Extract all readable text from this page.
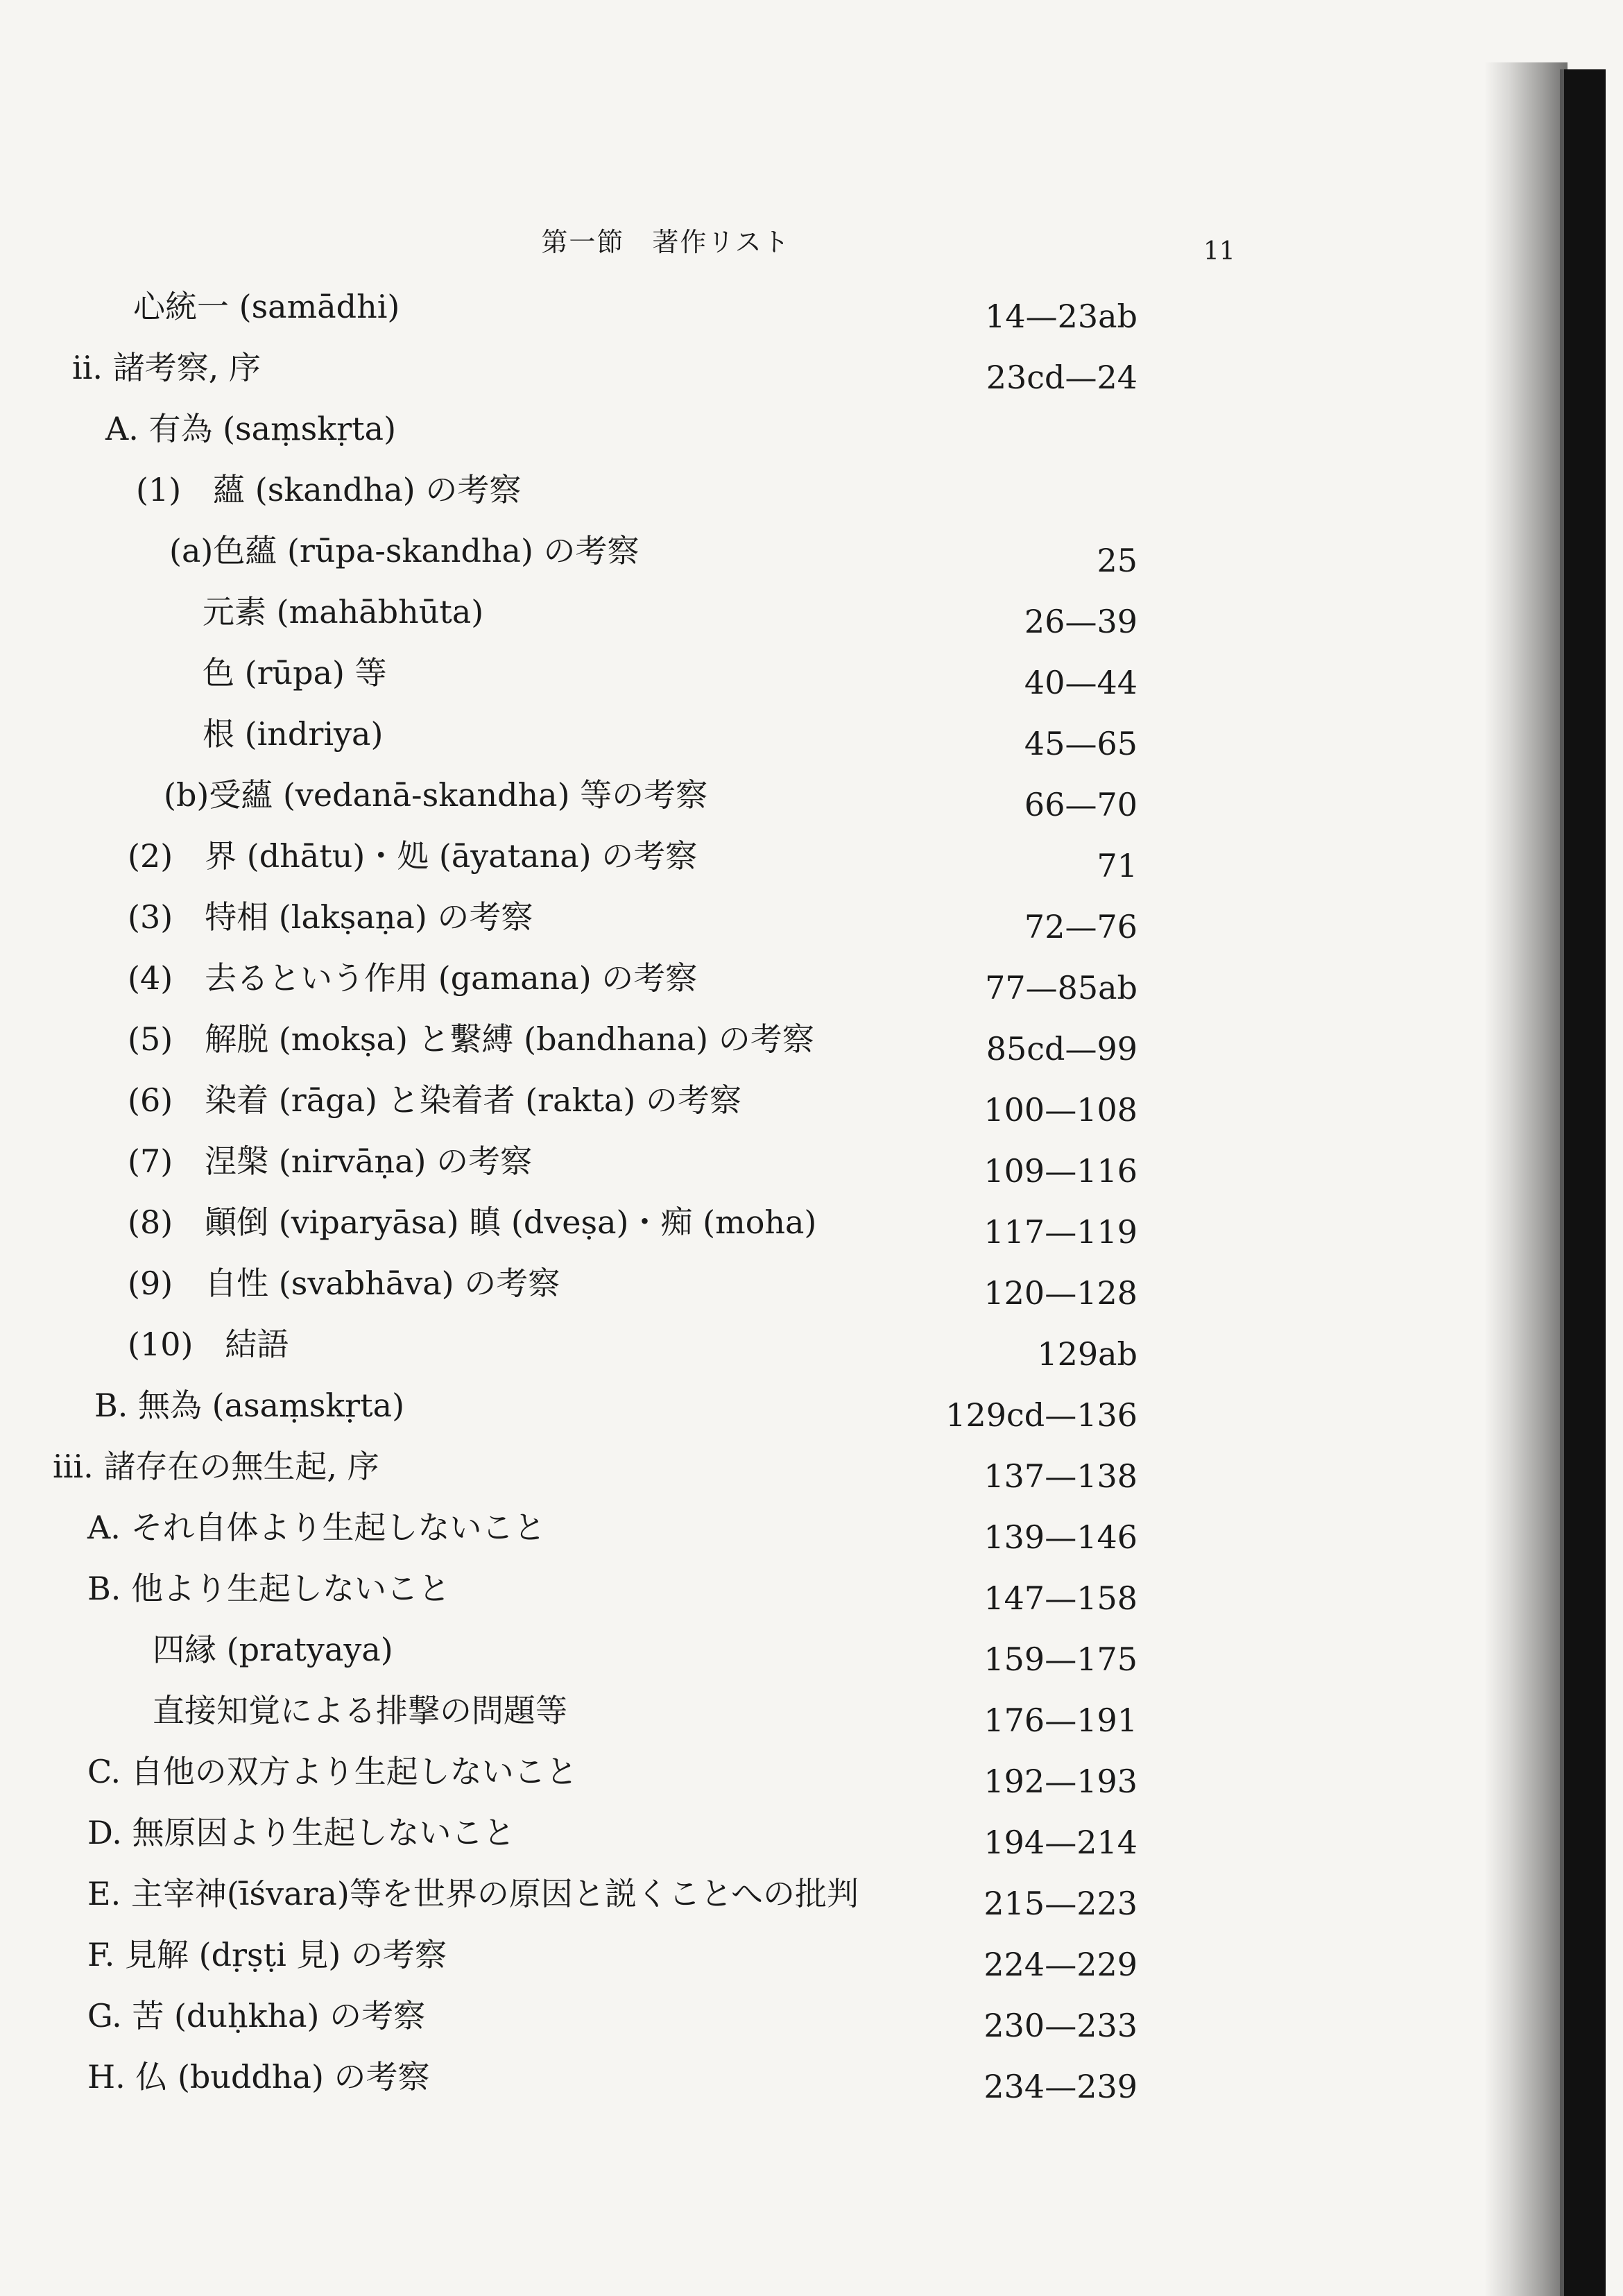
第一節　著作リスト	11
心統一 (samādhi)
ii. 諸考察, 序
A. 有為 (saṃskṛta)
(1)　蘊 (skandha) の考察
(a)色蘊 (rūpa-skandha) の考察
元素 (mahābhūta)
色 (rūpa) 等
根 (indriya)
(b)受蘊 (vedanā-skandha) 等の考察
(2)　界 (dhātu)・処 (āyatana) の考察
(3)　特相 (lakṣaṇa) の考察
(4)　去るという作用 (gamana) の考察
(5)　解脱 (mokṣa) と繫縛 (bandhana) の考察
(6)　染着 (rāga) と染着者 (rakta) の考察
(7)　涅槃 (nirvāṇa) の考察
(8)　顚倒 (viparyāsa) 瞋 (dveṣa)・痴 (moha)
(9)　自性 (svabhāva) の考察
(10)　結語
B. 無為 (asaṃskṛta)
iii. 諸存在の無生起, 序
A. それ自体より生起しないこと
B. 他より生起しないこと
四縁 (pratyaya)
直接知覚による排撃の問題等
C. 自他の双方より生起しないこと
D. 無原因より生起しないこと
E. 主宰神(īśvara)等を世界の原因と説くことへの批判
F. 見解 (dṛṣṭi 見) の考察
G. 苦 (duḥkha) の考察
H. 仏 (buddha) の考察
14—23ab
23cd—24
25
26—39
40—44
45—65
66—70
71
72—76
77—85ab
85cd—99
100—108
109—116
117—119
120—128
129ab
129cd—136
137—138
139—146
147—158
159—175
176—191
192—193
194—214
215—223
224—229
230—233
234—239
